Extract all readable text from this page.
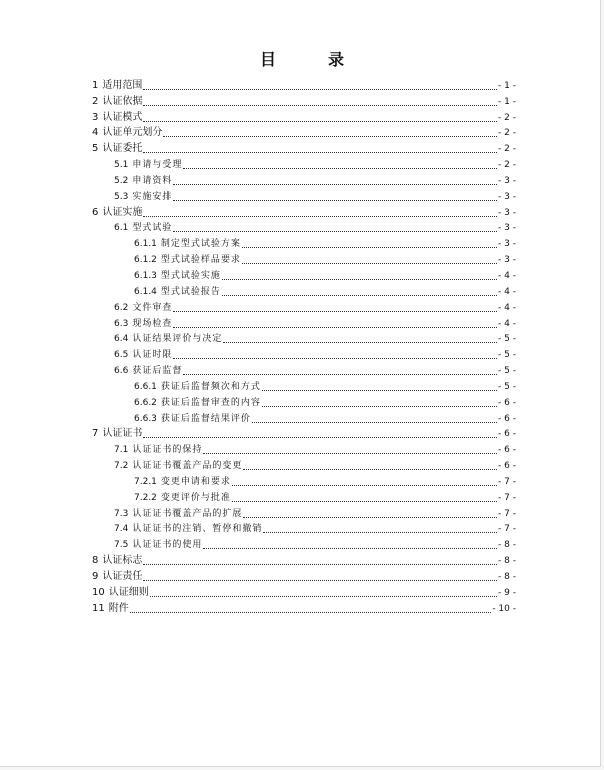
目　录
1 适用范围	- 1 -
2 认证依据	- 1 -
3 认证模式	- 2 -
4 认证单元划分	- 2 -
5 认证委托	- 2 -
5.1 申请与受理	- 2 -
5.2 申请资料	- 3 -
5.3 实施安排	- 3 -
6 认证实施	- 3 -
6.1 型式试验	- 3 -
6.1.1 制定型式试验方案	- 3 -
6.1.2 型式试验样品要求	- 3 -
6.1.3 型式试验实施	- 4 -
6.1.4 型式试验报告	- 4 -
6.2 文件审查	- 4 -
6.3 现场检查	- 4 -
6.4 认证结果评价与决定	- 5 -
6.5 认证时限	- 5 -
6.6 获证后监督	- 5 -
6.6.1 获证后监督频次和方式	- 5 -
6.6.2 获证后监督审查的内容	- 6 -
6.6.3 获证后监督结果评价	- 6 -
7 认证证书	- 6 -
7.1 认证证书的保持	- 6 -
7.2 认证证书覆盖产品的变更	- 6 -
7.2.1 变更申请和要求	- 7 -
7.2.2 变更评价与批准	- 7 -
7.3 认证证书覆盖产品的扩展	- 7 -
7.4 认证证书的注销、暂停和撤销	- 7 -
7.5 认证证书的使用	- 8 -
8 认证标志	- 8 -
9 认证责任	- 8 -
10 认证细则	- 9 -
11 附件	- 10 -
